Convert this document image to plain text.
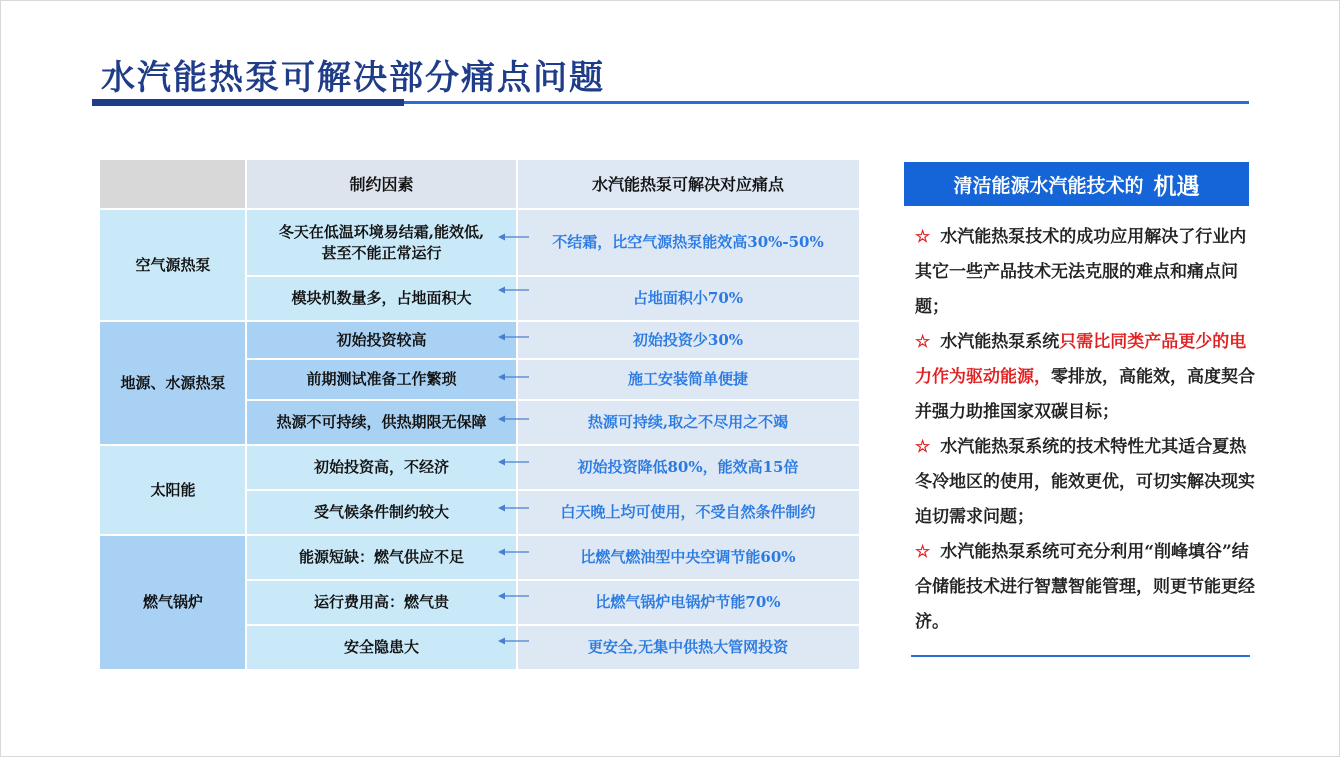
水汽能热泵可解决部分痛点问题
制约因素	水汽能热泵可解决对应痛点
空气源热泵
地源、水源热泵
太阳能
燃气锅炉
冬天在低温环境易结霜,能效低,甚至不能正常运行
模块机数量多，占地面积大
初始投资较高
前期测试准备工作繁琐
热源不可持续，供热期限无保障
初始投资高，不经济
受气候条件制约较大
能源短缺：燃气供应不足
运行费用高：燃气贵
安全隐患大
不结霜，比空气源热泵能效高30%-50%
占地面积小70%
初始投资少30%
施工安装简单便捷
热源可持续,取之不尽用之不竭
初始投资降低80%，能效高15倍
白天晚上均可使用，不受自然条件制约
比燃气燃油型中央空调节能60%
比燃气锅炉电锅炉节能70%
更安全,无集中供热大管网投资
清洁能源水汽能技术的 机遇

☆ 水汽能热泵技术的成功应用解决了行业内其它一些产品技术无法克服的难点和痛点问题；

☆ 水汽能热泵系统只需比同类产品更少的电力作为驱动能源，零排放，高能效，高度契合并强力助推国家双碳目标；

☆ 水汽能热泵系统的技术特性尤其适合夏热冬冷地区的使用，能效更优，可切实解决现实迫切需求问题；

☆ 水汽能热泵系统可充分利用“削峰填谷”结合储能技术进行智慧智能管理，则更节能更经济。
